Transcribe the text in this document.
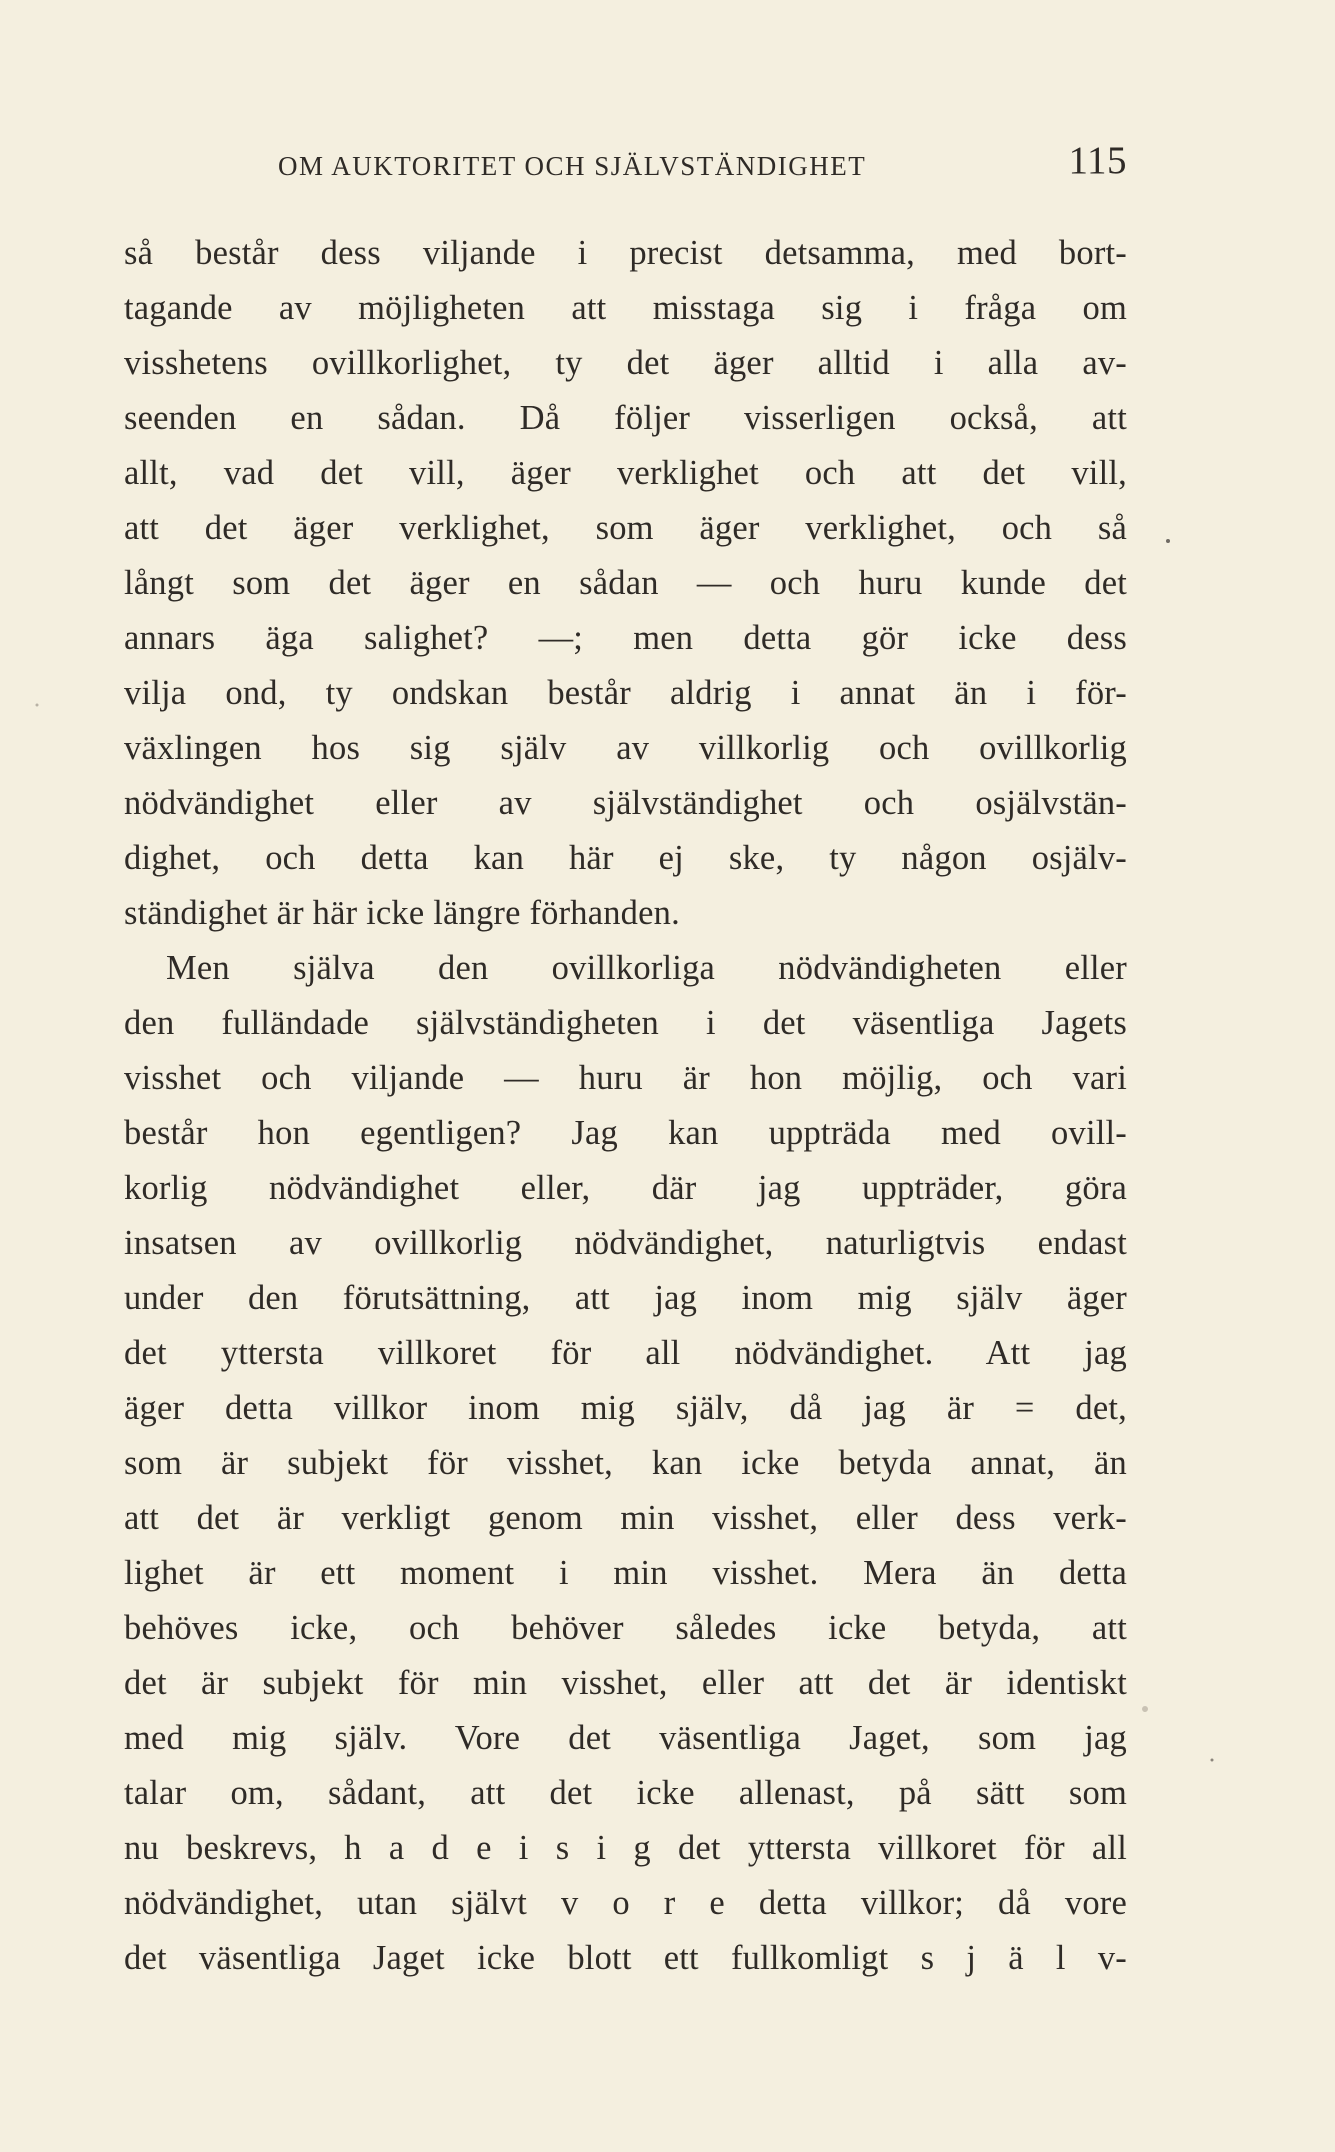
OM AUKTORITET OCH SJÄLVSTÄNDIGHET	115
så består dess viljande i precist detsamma, med bort-
tagande av möjligheten att misstaga sig i fråga om
visshetens ovillkorlighet, ty det äger alltid i alla av-
seenden en sådan. Då följer visserligen också, att
allt, vad det vill, äger verklighet och att det vill,
att det äger verklighet, som äger verklighet, och så
långt som det äger en sådan — och huru kunde det
annars äga salighet? —; men detta gör icke dess
vilja ond, ty ondskan består aldrig i annat än i för-
växlingen hos sig själv av villkorlig och ovillkorlig
nödvändighet eller av självständighet och osjälvstän-
dighet, och detta kan här ej ske, ty någon osjälv-
ständighet är här icke längre förhanden.
Men själva den ovillkorliga nödvändigheten eller
den fulländade självständigheten i det väsentliga Jagets
visshet och viljande — huru är hon möjlig, och vari
består hon egentligen? Jag kan uppträda med ovill-
korlig nödvändighet eller, där jag uppträder, göra
insatsen av ovillkorlig nödvändighet, naturligtvis endast
under den förutsättning, att jag inom mig själv äger
det yttersta villkoret för all nödvändighet. Att jag
äger detta villkor inom mig själv, då jag är = det,
som är subjekt för visshet, kan icke betyda annat, än
att det är verkligt genom min visshet, eller dess verk-
lighet är ett moment i min visshet. Mera än detta
behöves icke, och behöver således icke betyda, att
det är subjekt för min visshet, eller att det är identiskt
med mig själv. Vore det väsentliga Jaget, som jag
talar om, sådant, att det icke allenast, på sätt som
nu beskrevs, h a d e i s i g det yttersta villkoret för all
nödvändighet, utan självt v o r e detta villkor; då vore
det väsentliga Jaget icke blott ett fullkomligt s j ä l v-
